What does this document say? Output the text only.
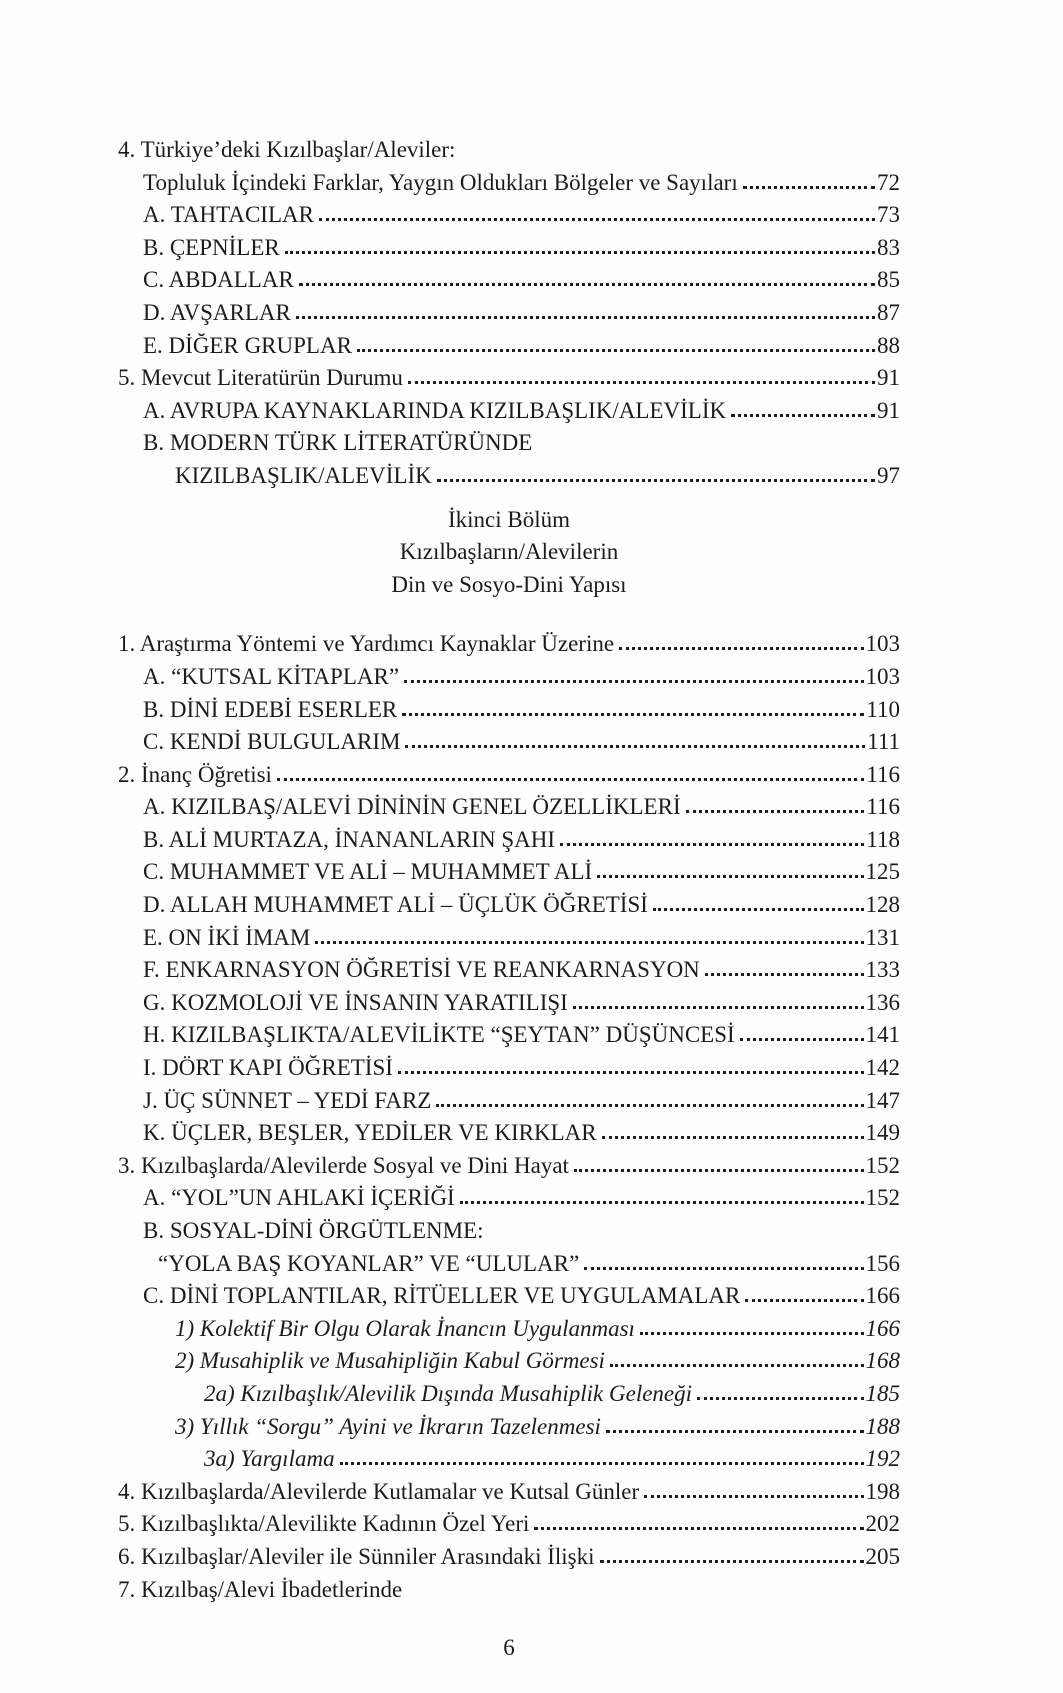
4. Türkiye’deki Kızılbaşlar/Aleviler:
Topluluk İçindeki Farklar, Yaygın Oldukları Bölgeler ve Sayıları	72
A. TAHTACILAR	73
B. ÇEPNİLER	83
C. ABDALLAR	85
D. AVŞARLAR	87
E. DİĞER GRUPLAR	88
5. Mevcut Literatürün Durumu	91
A. AVRUPA KAYNAKLARINDA KIZILBAŞLIK/ALEVİLİK	91
B. MODERN TÜRK LİTERATÜRÜNDE
KIZILBAŞLIK/ALEVİLİK	97
İkinci Bölüm
Kızılbaşların/Alevilerin
Din ve Sosyo-Dini Yapısı
1. Araştırma Yöntemi ve Yardımcı Kaynaklar Üzerine	103
A. “KUTSAL KİTAPLAR”	103
B. DİNİ EDEBİ ESERLER	110
C. KENDİ BULGULARIM	111
2. İnanç Öğretisi	116
A. KIZILBAŞ/ALEVİ DİNİNİN GENEL ÖZELLİKLERİ	116
B. ALİ MURTAZA, İNANANLARIN ŞAHI	118
C. MUHAMMET VE ALİ – MUHAMMET ALİ	125
D. ALLAH MUHAMMET ALİ – ÜÇLÜK ÖĞRETİSİ	128
E. ON İKİ İMAM	131
F. ENKARNASYON ÖĞRETİSİ VE REANKARNASYON	133
G. KOZMOLOJİ VE İNSANIN YARATILIŞI	136
H. KIZILBAŞLIKTA/ALEVİLİKTE “ŞEYTAN” DÜŞÜNCESİ	141
I. DÖRT KAPI ÖĞRETİSİ	142
J. ÜÇ SÜNNET – YEDİ FARZ	147
K. ÜÇLER, BEŞLER, YEDİLER VE KIRKLAR	149
3. Kızılbaşlarda/Alevilerde Sosyal ve Dini Hayat	152
A. “YOL”UN AHLAKİ İÇERİĞİ	152
B. SOSYAL-DİNİ ÖRGÜTLENME:
“YOLA BAŞ KOYANLAR” VE “ULULAR”	156
C. DİNİ TOPLANTILAR, RİTÜELLER VE UYGULAMALAR	166
1) Kolektif Bir Olgu Olarak İnancın Uygulanması	166
2) Musahiplik ve Musahipliğin Kabul Görmesi	168
2a) Kızılbaşlık/Alevilik Dışında Musahiplik Geleneği	185
3) Yıllık “Sorgu” Ayini ve İkrarın Tazelenmesi	188
3a) Yargılama	192
4. Kızılbaşlarda/Alevilerde Kutlamalar ve Kutsal Günler	198
5. Kızılbaşlıkta/Alevilikte Kadının Özel Yeri	202
6. Kızılbaşlar/Aleviler ile Sünniler Arasındaki İlişki	205
7. Kızılbaş/Alevi İbadetlerinde
6
